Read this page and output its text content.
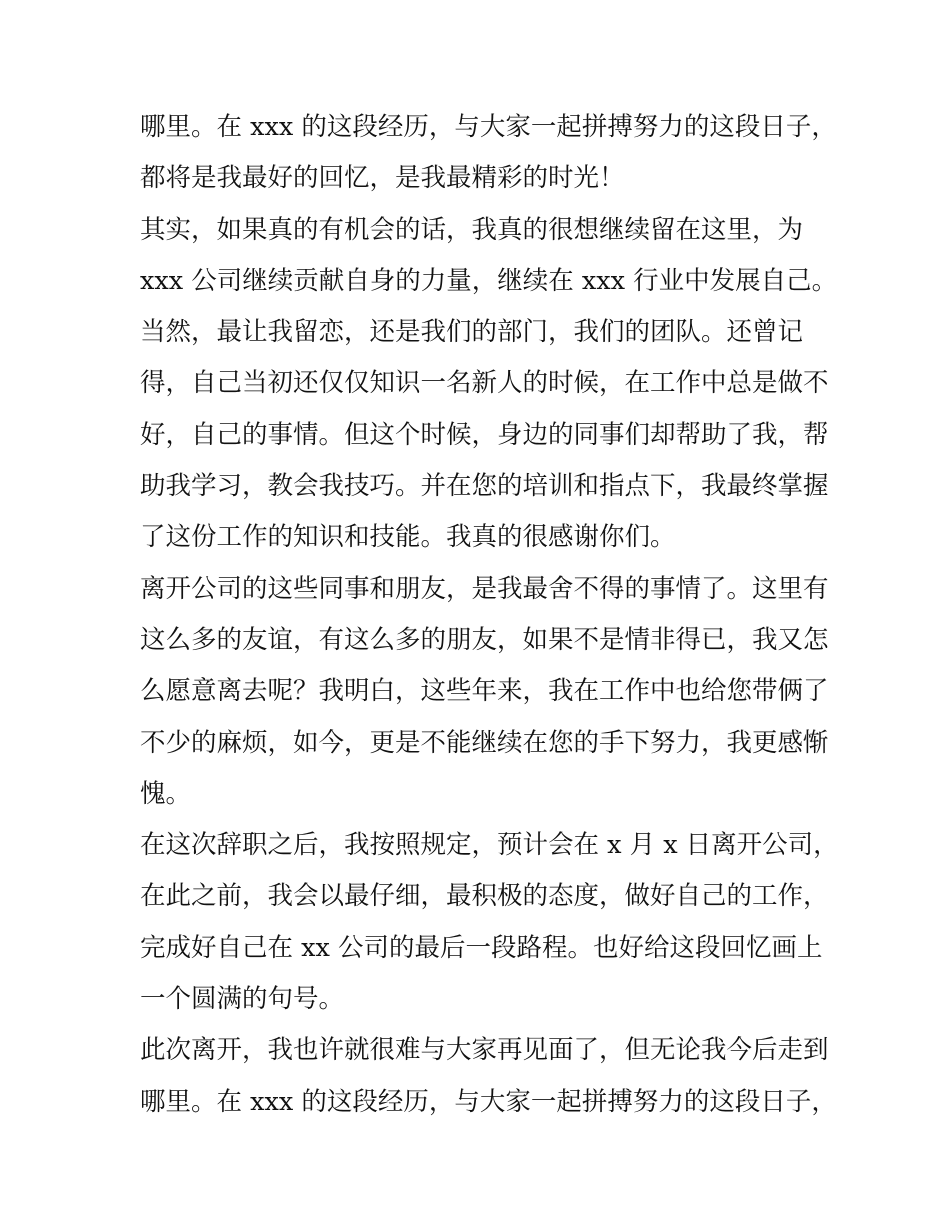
哪里。在 xxx 的这段经历，与大家一起拼搏努力的这段日子，
都将是我最好的回忆，是我最精彩的时光！
其实，如果真的有机会的话，我真的很想继续留在这里，为
xxx 公司继续贡献自身的力量，继续在 xxx 行业中发展自己。
当然，最让我留恋，还是我们的部门，我们的团队。还曾记
得，自己当初还仅仅知识一名新人的时候，在工作中总是做不
好，自己的事情。但这个时候，身边的同事们却帮助了我，帮
助我学习，教会我技巧。并在您的培训和指点下，我最终掌握
了这份工作的知识和技能。我真的很感谢你们。
离开公司的这些同事和朋友，是我最舍不得的事情了。这里有
这么多的友谊，有这么多的朋友，如果不是情非得已，我又怎
么愿意离去呢？我明白，这些年来，我在工作中也给您带俩了
不少的麻烦，如今，更是不能继续在您的手下努力，我更感惭
愧。
在这次辞职之后，我按照规定，预计会在 x 月 x 日离开公司，
在此之前，我会以最仔细，最积极的态度，做好自己的工作，
完成好自己在 xx 公司的最后一段路程。也好给这段回忆画上
一个圆满的句号。
此次离开，我也许就很难与大家再见面了，但无论我今后走到
哪里。在 xxx 的这段经历，与大家一起拼搏努力的这段日子，
